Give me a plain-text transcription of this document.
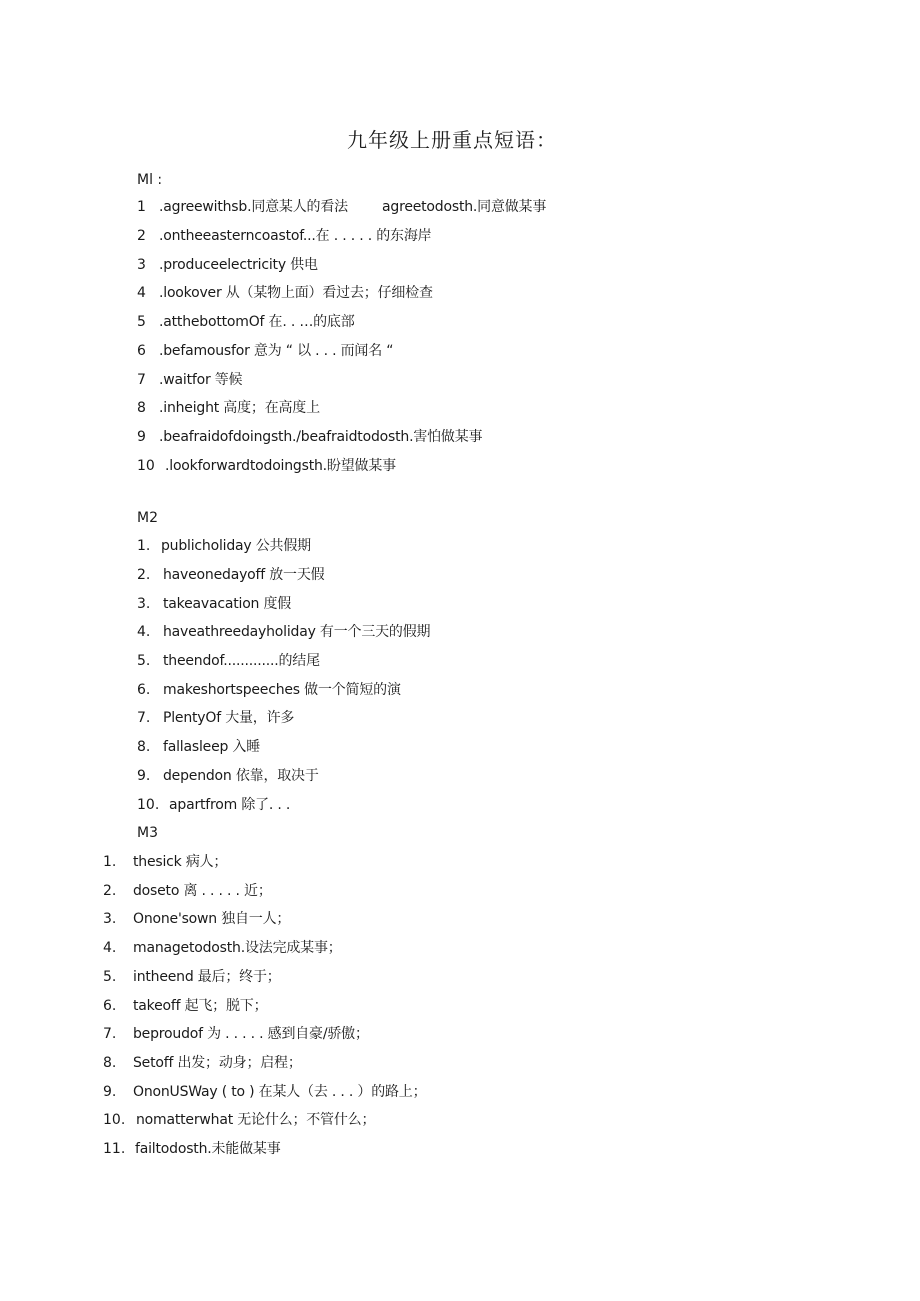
九年级上册重点短语：
Ml :
1 .agreewithsb.同意某人的看法 agreetodosth.同意做某事
2 .ontheeasterncoastof...在 . . . . . 的东海岸
3 .produceelectricity 供电
4 .lookover 从（某物上面）看过去；仔细检查
5 .atthebottomOf 在. . …的底部
6 .befamousfor 意为 “ 以 . . . 而闻名 “
7 .waitfor 等候
8 .inheight 高度；在高度上
9 .beafraidofdoingsth./beafraidtodosth.害怕做某事
10 .lookforwardtodoingsth.盼望做某事
M2
1. publicholiday 公共假期
2. haveonedayoff 放一天假
3. takeavacation 度假
4. haveathreedayholiday 有一个三天的假期
5. theendof.............的结尾
6. makeshortspeeches 做一个简短的演
7. PlentyOf 大量，许多
8. fallasleep 入睡
9. dependon 依靠，取决于
10. apartfrom 除了. . .
M3
1. thesick 病人；
2. doseto 离 . . . . . 近；
3. Onone'sown 独自一人；
4. managetodosth.设法完成某事；
5. intheend 最后；终于；
6. takeoff 起飞；脱下；
7. beproudof 为 . . . . . 感到自豪/骄傲；
8. Setoff 出发；动身；启程；
9. OnonUSWay ( to ) 在某人（去 . . . ）的路上；
10. nomatterwhat 无论什么；不管什么；
11. failtodosth.未能做某事
